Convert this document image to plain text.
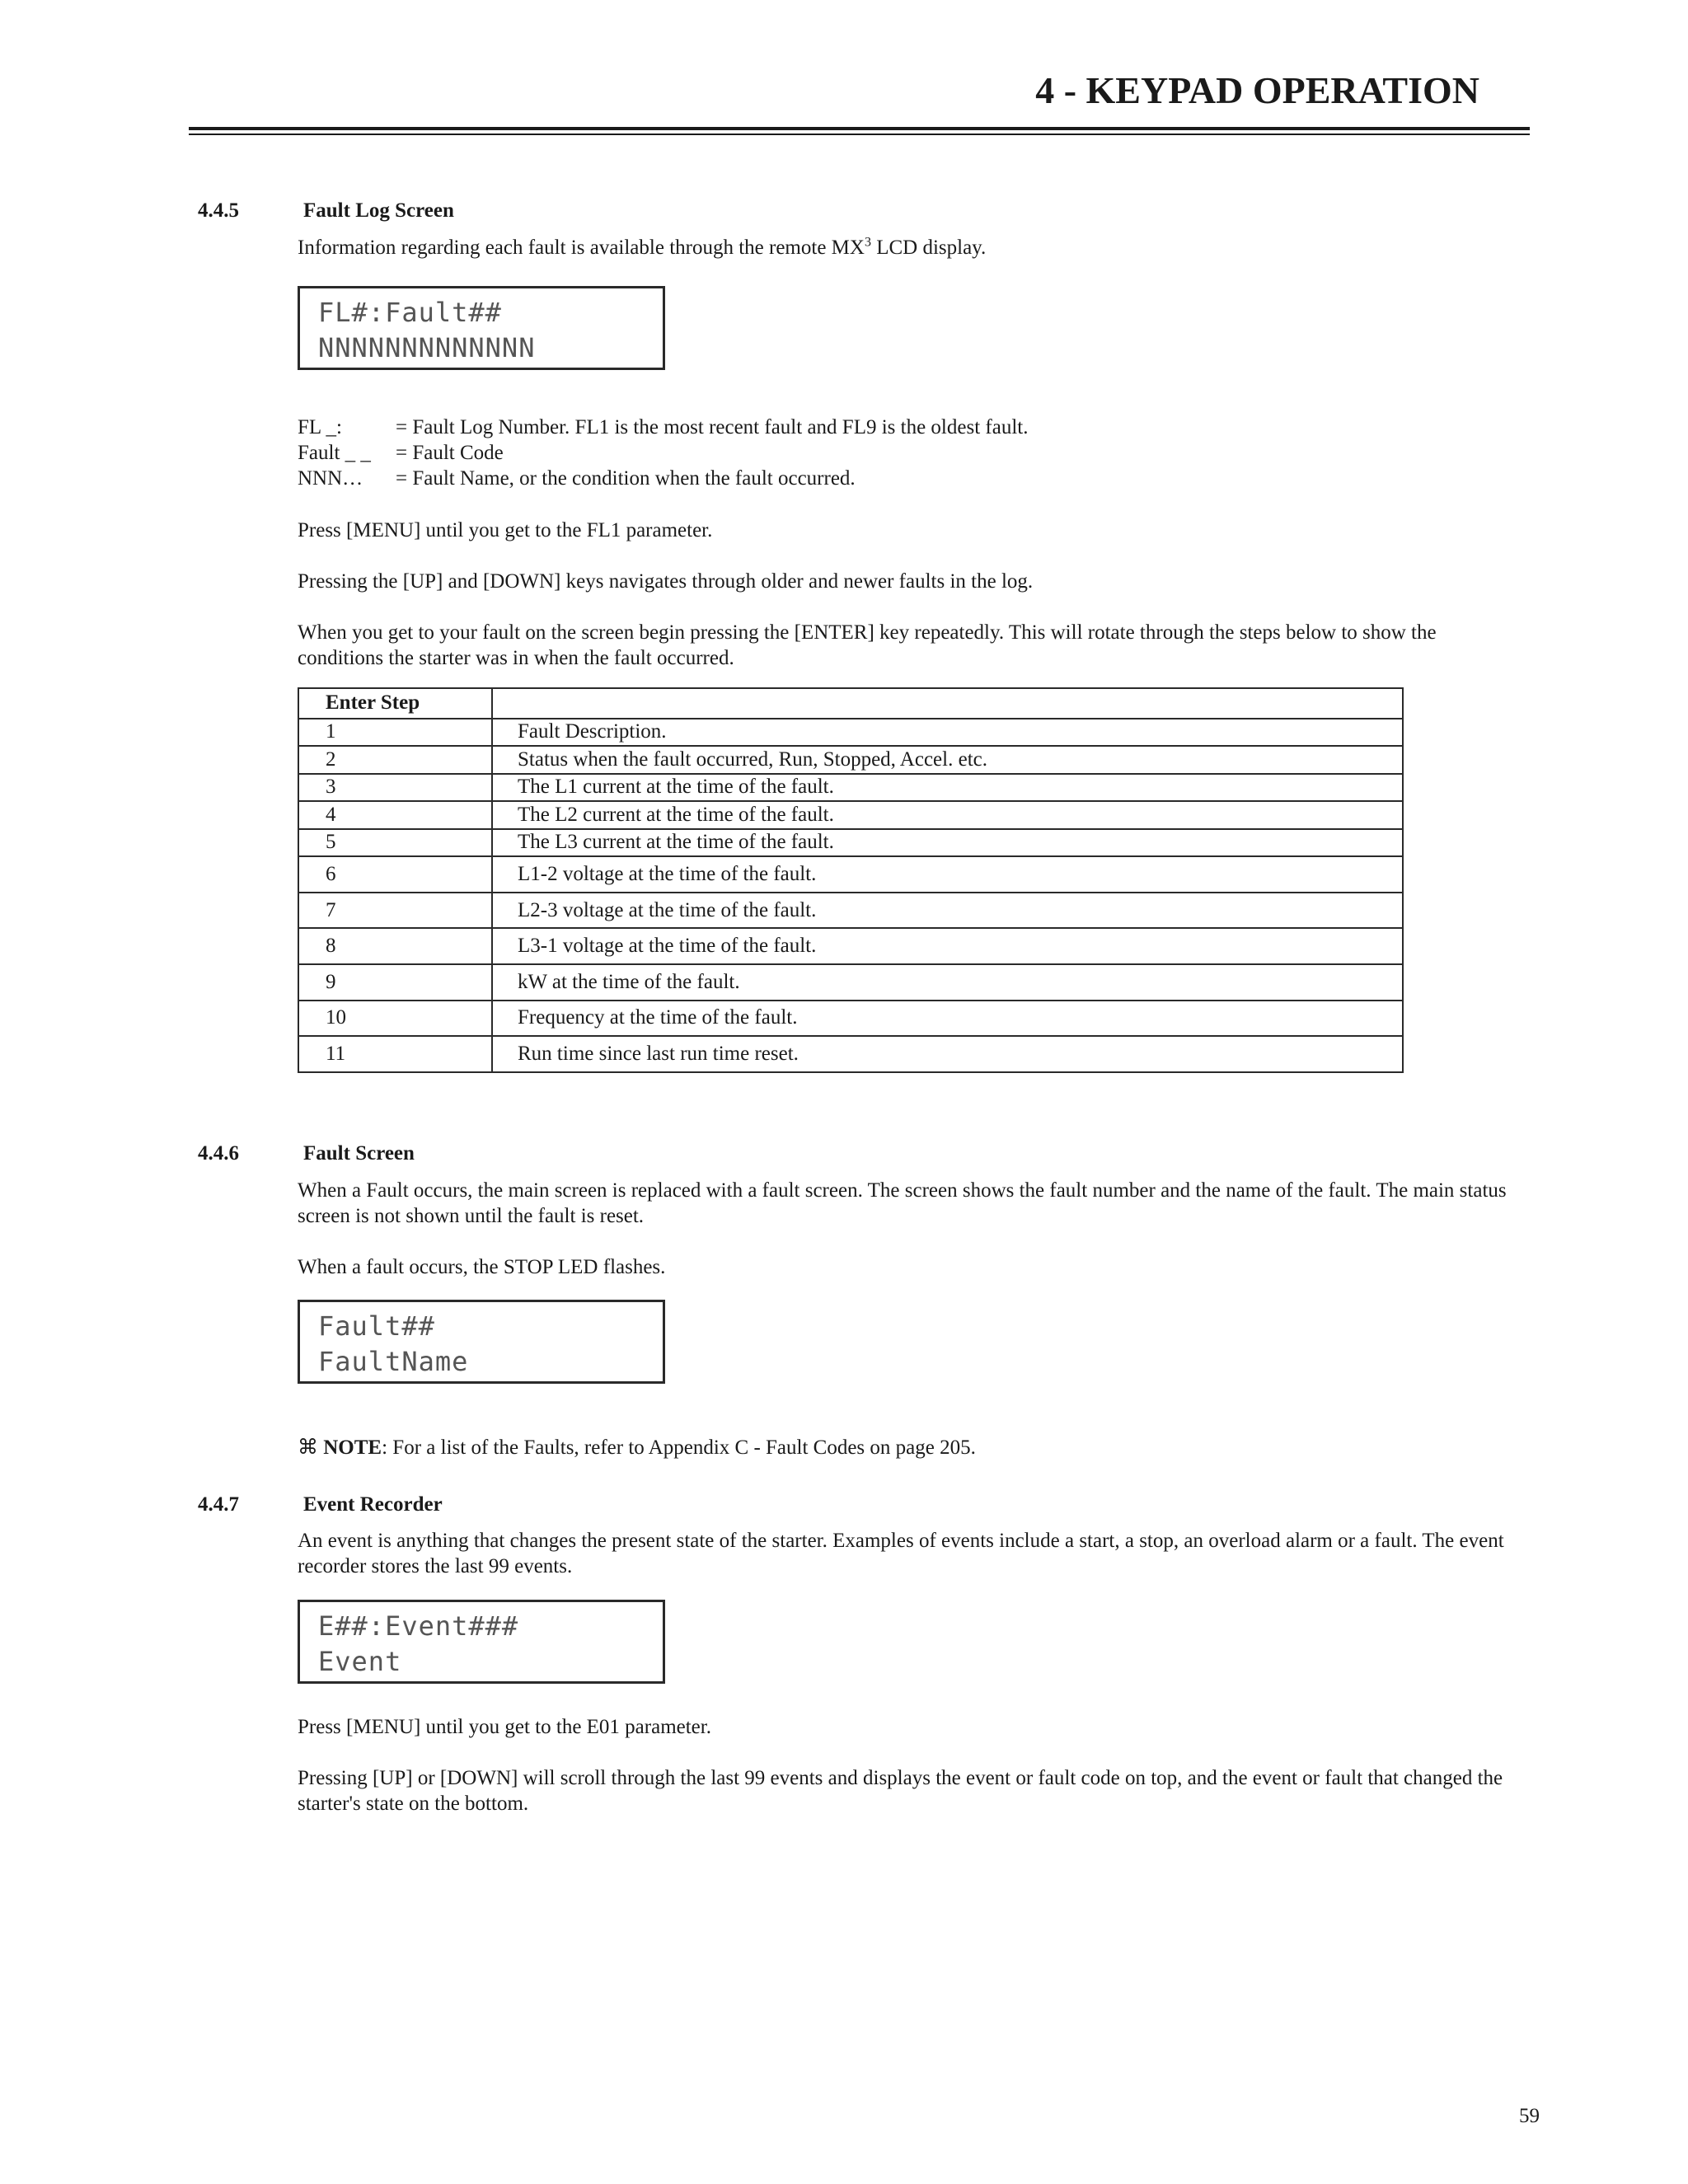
4 - KEYPAD OPERATION
4.4.5	Fault Log Screen

Information regarding each fault is available through the remote $MX^3$ LCD display.

FL#:Fault##
NNNNNNNNNNNNN
FL _:	= Fault Log Number. FL1 is the most recent fault and FL9 is the oldest fault.
Fault _ _ = Fault Code
NNN… = Fault Name, or the condition when the fault occurred.

Press [MENU] until you get to the FL1 parameter.

Pressing the [UP] and [DOWN] keys navigates through older and newer faults in the log.

When you get to your fault on the screen begin pressing the [ENTER] key repeatedly. This will rotate through the steps below to show the conditions the starter was in when the fault occurred.

Enter Step	
1	Fault Description.
2	Status when the fault occurred, Run, Stopped, Accel. etc.
3	The L1 current at the time of the fault.
4	The L2 current at the time of the fault.
5	The L3 current at the time of the fault.
6	L1-2 voltage at the time of the fault.
7	L2-3 voltage at the time of the fault.
8	L3-1 voltage at the time of the fault.
9	kW at the time of the fault.
10	Frequency at the time of the fault.
11	Run time since last run time reset.
4.4.6	Fault Screen

When a Fault occurs, the main screen is replaced with a fault screen. The screen shows the fault number and the name of the fault. The main status screen is not shown until the fault is reset.

When a fault occurs, the STOP LED flashes.

Fault##
FaultName

⌘ NOTE: For a list of the Faults, refer to Appendix C - Fault Codes on page 205.

4.4.7	Event Recorder

An event is anything that changes the present state of the starter. Examples of events include a start, a stop, an overload alarm or a fault. The event recorder stores the last 99 events.

E##:Event###
Event

Press [MENU] until you get to the E01 parameter.

Pressing [UP] or [DOWN] will scroll through the last 99 events and displays the event or fault code on top, and the event or fault that changed the starter's state on the bottom.

59
